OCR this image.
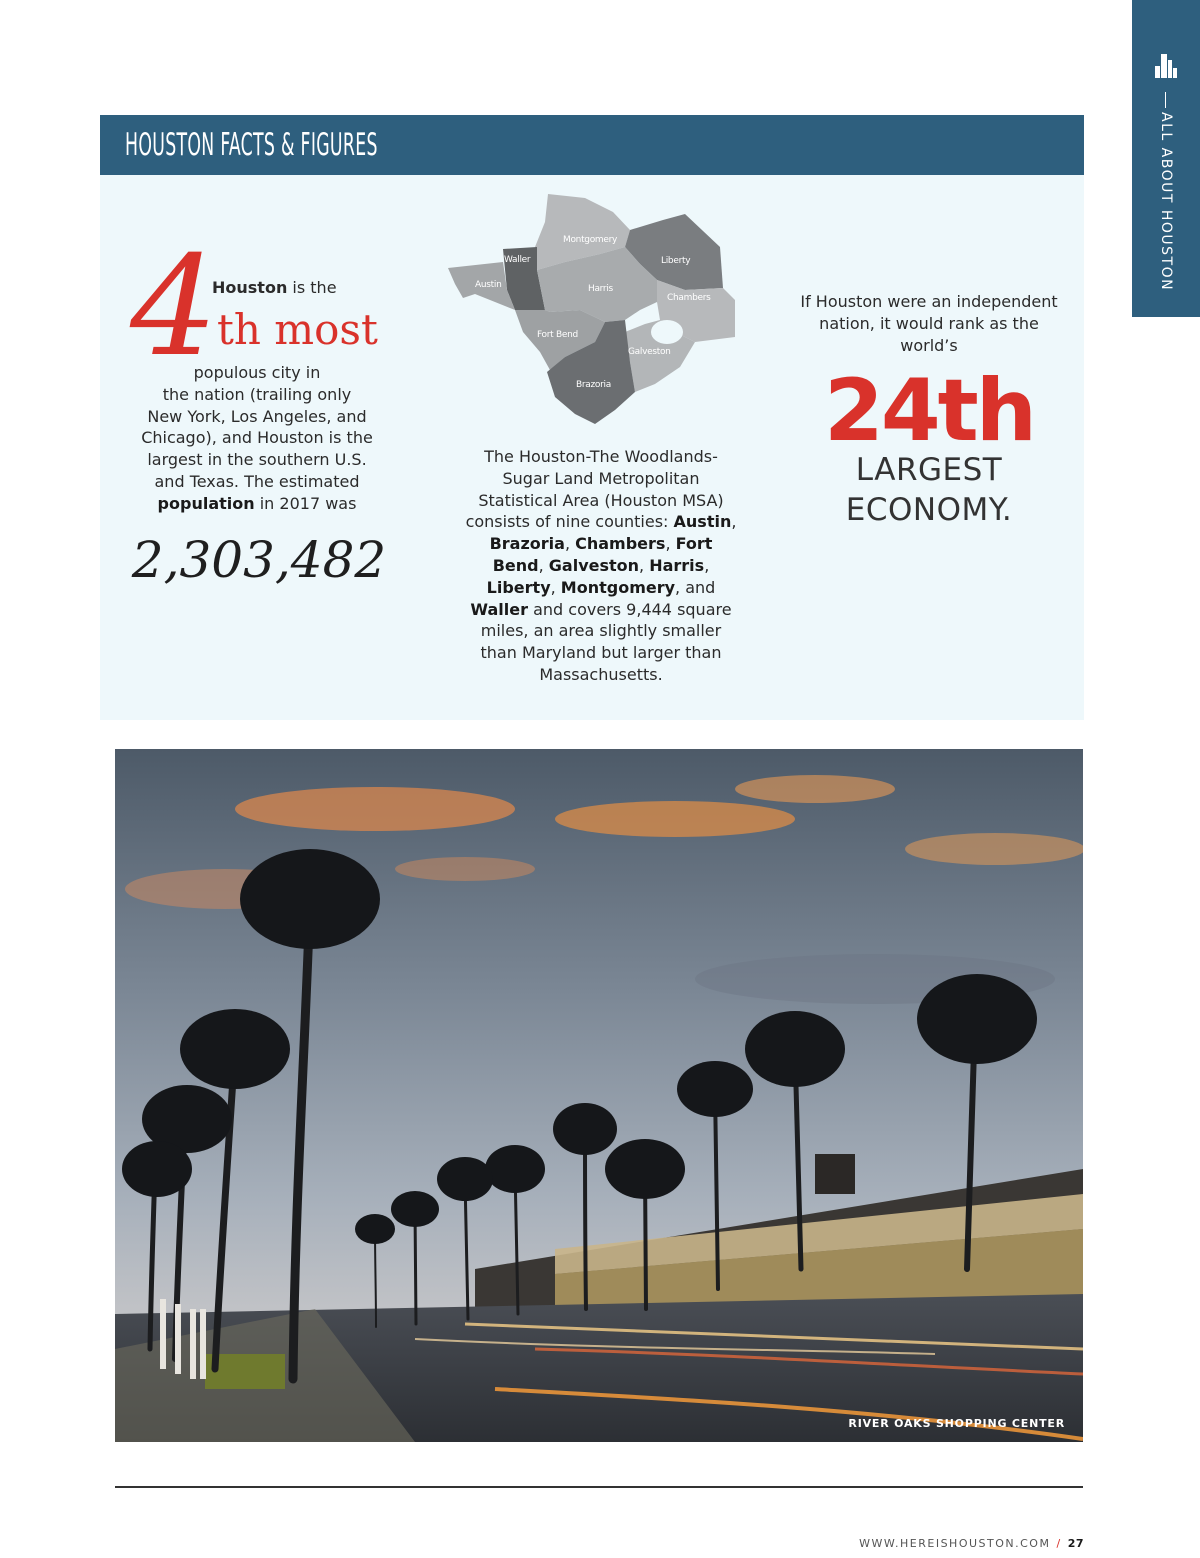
ALL ABOUT HOUSTON
HOUSTON FACTS & FIGURES
4
Houston is the
th most
populous city in
the nation (trailing only
New York, Los Angeles, and
Chicago), and Houston is the
largest in the southern U.S.
and Texas. The estimated
population in 2017 was
2,303,482
Montgomery
Liberty
Waller
Austin	Harris
Chambers
Fort Bend
Galveston
Brazoria
The Houston-The Woodlands-Sugar Land Metropolitan Statistical Area (Houston MSA) consists of nine counties: Austin, Brazoria, Chambers, Fort Bend, Galveston, Harris, Liberty, Montgomery, and Waller and covers 9,444 square miles, an area slightly smaller than Maryland but larger than Massachusetts.
If Houston were an independent nation, it would rank as the world’s
24th
LARGEST
ECONOMY.
RIVER OAKS SHOPPING CENTER
WWW.HEREISHOUSTON.COM / 27
